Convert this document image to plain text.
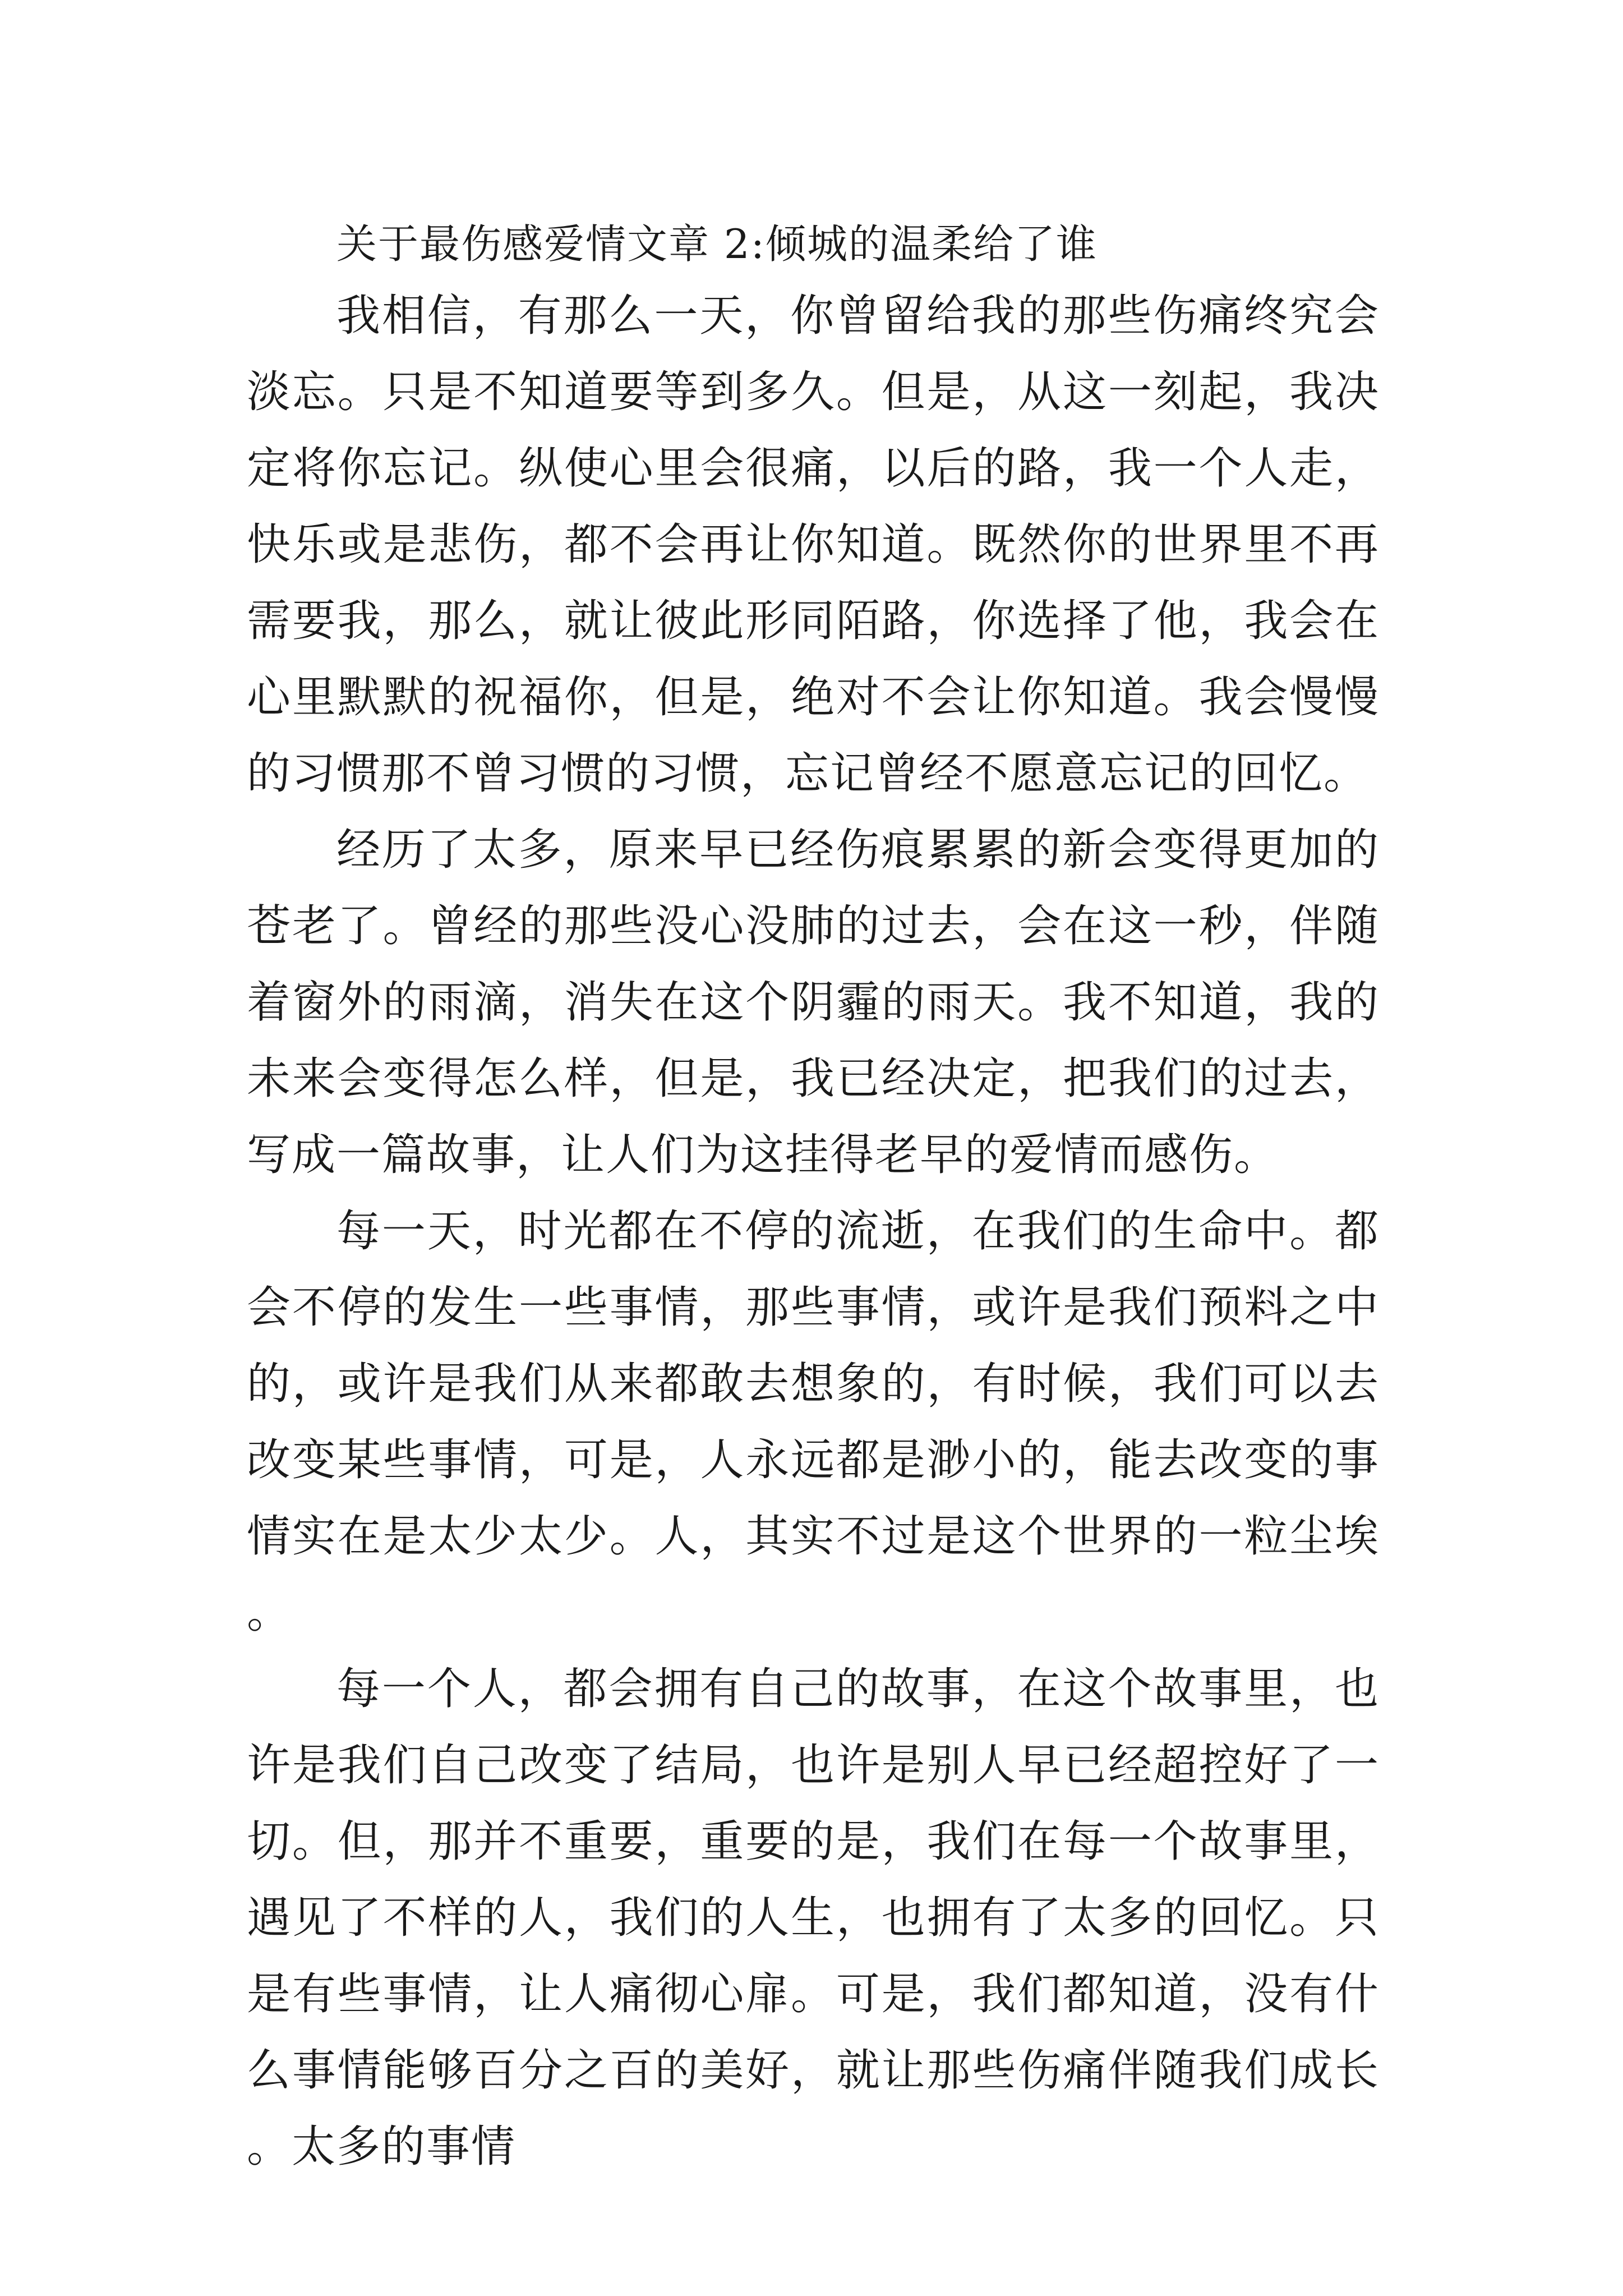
关于最伤感爱情文章 2:倾城的温柔给了谁

我相信，有那么一天，你曾留给我的那些伤痛终究会淡忘。只是不知道要等到多久。但是，从这一刻起，我决定将你忘记。纵使心里会很痛，以后的路，我一个人走，快乐或是悲伤，都不会再让你知道。既然你的世界里不再需要我，那么，就让彼此形同陌路，你选择了他，我会在心里默默的祝福你，但是，绝对不会让你知道。我会慢慢的习惯那不曾习惯的习惯，忘记曾经不愿意忘记的回忆。

经历了太多，原来早已经伤痕累累的新会变得更加的苍老了。曾经的那些没心没肺的过去，会在这一秒，伴随着窗外的雨滴，消失在这个阴霾的雨天。我不知道，我的未来会变得怎么样，但是，我已经决定，把我们的过去，写成一篇故事，让人们为这挂得老早的爱情而感伤。

每一天，时光都在不停的流逝，在我们的生命中。都会不停的发生一些事情，那些事情，或许是我们预料之中的，或许是我们从来都敢去想象的，有时候，我们可以去改变某些事情，可是，人永远都是渺小的，能去改变的事情实在是太少太少。人，其实不过是这个世界的一粒尘埃。

每一个人，都会拥有自己的故事，在这个故事里，也许是我们自己改变了结局，也许是别人早已经超控好了一切。但，那并不重要，重要的是，我们在每一个故事里，遇见了不样的人，我们的人生，也拥有了太多的回忆。只是有些事情，让人痛彻心扉。可是，我们都知道，没有什么事情能够百分之百的美好，就让那些伤痛伴随我们成长。太多的事情
